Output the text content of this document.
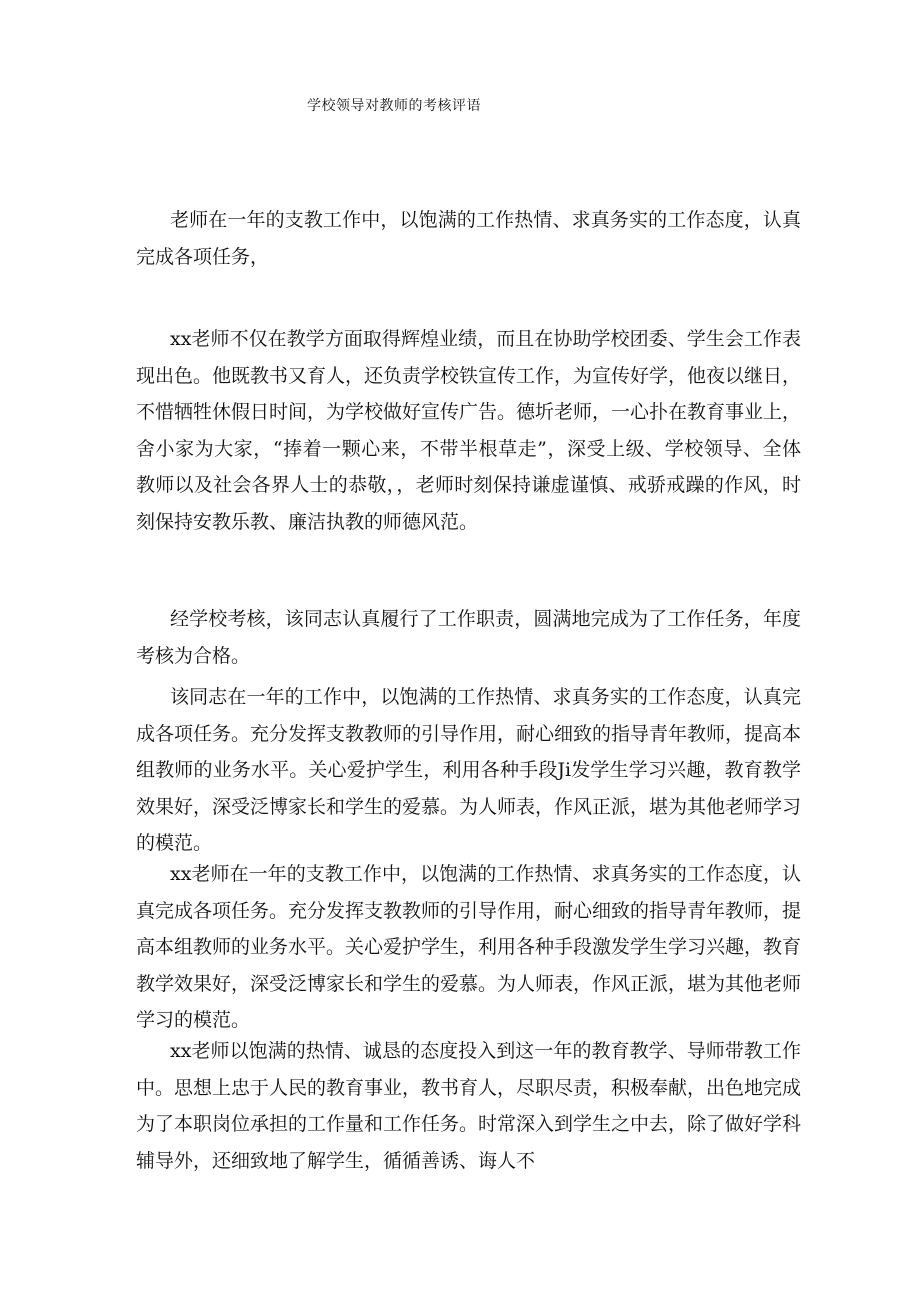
学校领导对教师的考核评语

老师在一年的支教工作中，以饱满的工作热情、求真务实的工作态度，认真完成各项任务，

xx老师不仅在教学方面取得辉煌业绩，而且在协助学校团委、学生会工作表现出色。他既教书又育人，还负责学校铁宣传工作，为宣传好学，他夜以继日，不惜牺牲休假日时间，为学校做好宣传广告。德圻老师，一心扑在教育事业上，舍小家为大家，“捧着一颗心来，不带半根草走”，深受上级、学校领导、全体教师以及社会各界人士的恭敬，，老师时刻保持谦虚谨慎、戒骄戒躁的作风，时刻保持安教乐教、廉洁执教的师德风范。

经学校考核，该同志认真履行了工作职责，圆满地完成为了工作任务，年度考核为合格。

该同志在一年的工作中，以饱满的工作热情、求真务实的工作态度，认真完成各项任务。充分发挥支教教师的引导作用，耐心细致的指导青年教师，提高本组教师的业务水平。关心爱护学生，利用各种手段Ji发学生学习兴趣，教育教学效果好，深受泛博家长和学生的爱慕。为人师表，作风正派，堪为其他老师学习的模范。

xx老师在一年的支教工作中，以饱满的工作热情、求真务实的工作态度，认真完成各项任务。充分发挥支教教师的引导作用，耐心细致的指导青年教师，提高本组教师的业务水平。关心爱护学生，利用各种手段激发学生学习兴趣，教育教学效果好，深受泛博家长和学生的爱慕。为人师表，作风正派，堪为其他老师学习的模范。

xx老师以饱满的热情、诚恳的态度投入到这一年的教育教学、导师带教工作中。思想上忠于人民的教育事业，教书育人，尽职尽责，积极奉献，出色地完成为了本职岗位承担的工作量和工作任务。时常深入到学生之中去，除了做好学科辅导外，还细致地了解学生，循循善诱、诲人不
